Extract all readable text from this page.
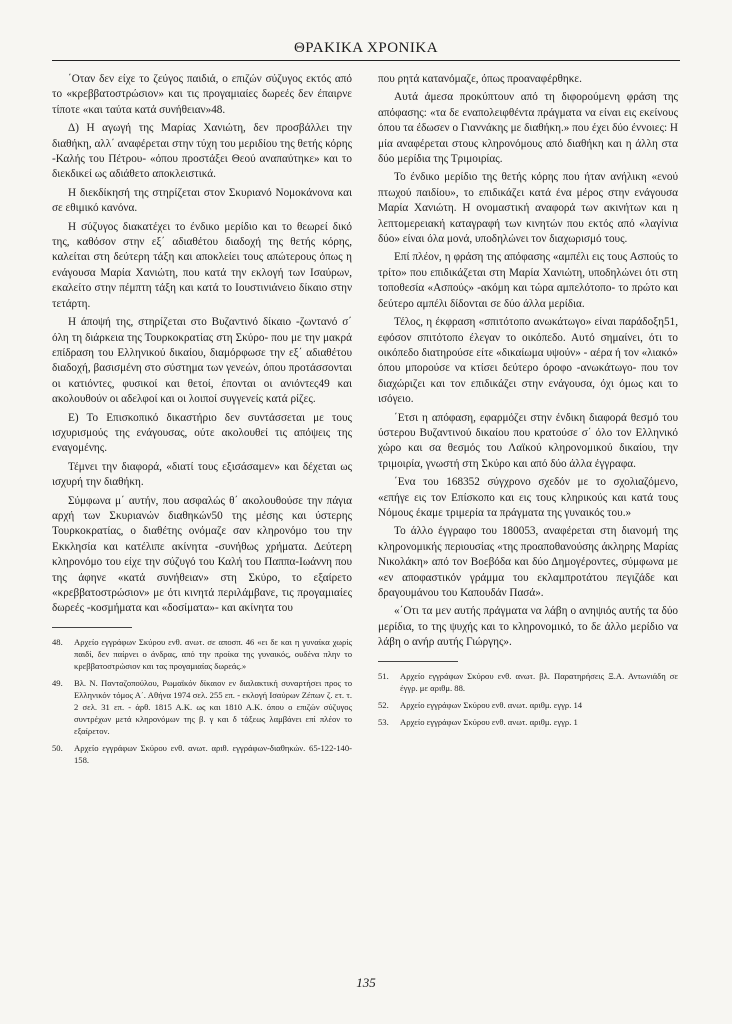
ΘΡΑΚΙΚΑ ΧΡΟΝΙΚΑ

΄Οταν δεν είχε το ζεύγος παιδιά, ο επιζών σύζυγος εκτός από το «κρεββατοστρώσιον» και τις προγαμιαίες δωρεές δεν έπαιρνε τίποτε «και ταύτα κατά συνήθειαν»48.

Δ) Η αγωγή της Μαρίας Χανιώτη, δεν προσβάλλει την διαθήκη, αλλ΄ αναφέρεται στην τύχη του μεριδίου της θετής κόρης -Καλής του Πέτρου- «όπου προστάξει Θεού αναπαύτηκε» και το διεκδικεί ως αδιάθετο αποκλειστικά.

Η διεκδίκησή της στηρίζεται στον Σκυριανό Νομοκάνονα και σε εθιμικό κανόνα.

Η σύζυγος διακατέχει το ένδικο μερίδιο και το θεωρεί δικό της, καθόσον στην εξ΄ αδιαθέτου διαδοχή της θετής κόρης, καλείται στη δεύτερη τάξη και αποκλείει τους απώτερους όπως η ενάγουσα Μαρία Χανιώτη, που κατά την εκλογή των Ισαύρων, εκαλείτο στην πέμπτη τάξη και κατά το Ιουστινιάνειο δίκαιο στην τετάρτη.

Η άποψή της, στηρίζεται στο Βυζαντινό δίκαιο -ζωντανό σ΄ όλη τη διάρκεια της Τουρκοκρατίας στη Σκύρο- που με την μακρά επίδραση του Ελληνικού δικαίου, διαμόρφωσε την εξ΄ αδιαθέτου διαδοχή, βασισμένη στο σύστημα των γενεών, όπου προτάσσονται οι κατιόντες, φυσικοί και θετοί, έπονται οι ανιόντες49 και ακολουθούν οι αδελφοί και οι λοιποί συγγενείς κατά ρίζες.

Ε) Το Επισκοπικό δικαστήριο δεν συντάσσεται με τους ισχυρισμούς της ενάγουσας, ούτε ακολουθεί τις απόψεις της εναγομένης.

Τέμνει την διαφορά, «διατί τους εξισάσαμεν» και δέχεται ως ισχυρή την διαθήκη.

Σύμφωνα μ΄ αυτήν, που ασφαλώς θ΄ ακολουθούσε την πάγια αρχή των Σκυριανών διαθηκών50 της μέσης και ύστερης Τουρκοκρατίας, ο διαθέτης ονόμαζε σαν κληρονόμο του την Εκκλησία και κατέλιπε ακίνητα -συνήθως χρήματα. Δεύτερη κληρονόμο του είχε την σύζυγό του Καλή του Παππα-Ιωάννη που της άφηνε «κατά συνήθειαν» στη Σκύρο, το εξαίρετο «κρεββατοστρώσιον» με ότι κινητά περιλάμβανε, τις προγαμιαίες δωρεές -κοσμήματα και «δοσίματα»- και ακίνητα του

48.	Αρχείο εγγράφων Σκύρου ενθ. ανωτ. σε αποσπ. 46 «ει δε και η γυναίκα χωρίς παιδί, δεν παίρνει ο άνδρας, από την προίκα της γυναικός, ουδένα πλην το κρεββατοστρώσιον και τας προγαμιαίας δωρεάς.»
49.	Βλ. Ν. Πανταζοπούλου, Ρωμαϊκόν δίκαιον εν διαλακτική συναρτήσει προς το Ελληνικόν τόμος Α΄. Αθήνα 1974 σελ. 255 επ. - εκλογή Ισαύρων Ζέπων ζ. ετ. τ. 2 σελ. 31 επ. - άρθ. 1815 Α.Κ. ως και 1810 Α.Κ. όπου ο επιζών σύζυγος συντρέχων μετά κληρονόμων της β. γ και δ τάξεως λαμβάνει επί πλέον το εξαίρετον.
50.	Αρχείο εγγράφων Σκύρου ενθ. ανωτ. αριθ. εγγράφων-διαθηκών. 65-122-140-158.

που ρητά κατανόμαζε, όπως προαναφέρθηκε.

Αυτά άμεσα προκύπτουν από τη διφορούμενη φράση της απόφασης: «τα δε εναπολειφθέντα πράγματα να είναι εις εκείνους όπου τα έδωσεν ο Γιαννάκης με διαθήκη.» που έχει δύο έννοιες: Η μία αναφέρεται στους κληρονόμους από διαθήκη και η άλλη στα δύο μερίδια της Τριμοιρίας.

Το ένδικο μερίδιο της θετής κόρης που ήταν ανήλικη «ενού πτωχού παιδίου», το επιδικάζει κατά ένα μέρος στην ενάγουσα Μαρία Χανιώτη. Η ονομαστική αναφορά των ακινήτων και η λεπτομερειακή καταγραφή των κινητών που εκτός από «λαγίνια δύο» είναι όλα μονά, υποδηλώνει τον διαχωρισμό τους.

Επί πλέον, η φράση της απόφασης «αμπέλι εις τους Ασπούς το τρίτο» που επιδικάζεται στη Μαρία Χανιώτη, υποδηλώνει ότι στη τοποθεσία «Ασπούς» -ακόμη και τώρα αμπελότοπο- το πρώτο και δεύτερο αμπέλι δίδονται σε δύο άλλα μερίδια.

Τέλος, η έκφραση «σπιτότοπο ανωκάτωγο» είναι παράδοξη51, εφόσον σπιτότοπο έλεγαν το οικόπεδο. Αυτό σημαίνει, ότι το οικόπεδο διατηρούσε είτε «δικαίωμα υψούν» - αέρα ή τον «λιακό» όπου μπορούσε να κτίσει δεύτερο όροφο -ανωκάτωγο- που τον διαχώριζει και τον επιδικάζει στην ενάγουσα, όχι όμως και το ισόγειο.

΄Ετσι η απόφαση, εφαρμόζει στην ένδικη διαφορά θεσμό του ύστερου Βυζαντινού δικαίου που κρατούσε σ΄ όλο τον Ελληνικό χώρο και σα θεσμός του Λαϊκού κληρονομικού δικαίου, την τριμοιρία, γνωστή στη Σκύρο και από δύο άλλα έγγραφα.

΄Ενα του 168352 σύγχρονο σχεδόν με το σχολιαζόμενο, «επήγε εις τον Επίσκοπο και εις τους κληρικούς και κατά τους Νόμους έκαμε τριμερία τα πράγματα της γυναικός του.»

Το άλλο έγγραφο του 180053, αναφέρεται στη διανομή της κληρονομικής περιουσίας «της προαποθανούσης άκληρης Μαρίας Νικολάκη» από τον Βοεβόδα και δύο Δημογέροντες, σύμφωνα με «εν αποφαστικόν γράμμα του εκλαμπροτάτου πεγιζάδε και δραγουμάνου του Καπουδάν Πασά».

«΄Οτι τα μεν αυτής πράγματα να λάβη ο ανηψιός αυτής τα δύο μερίδια, το της ψυχής και το κληρονομικό, το δε άλλο μερίδιο να λάβη ο ανήρ αυτής Γιώργης».

51.	Αρχείο εγγράφων Σκύρου ενθ. ανωτ. βλ. Παρατηρήσεις Ξ.Α. Αντωνιάδη σε έγγρ. με αριθμ. 88.
52.	Αρχείο εγγράφων Σκύρου ενθ. ανωτ. αριθμ. εγγρ. 14
53.	Αρχείο εγγράφων Σκύρου ενθ. ανωτ. αριθμ. εγγρ. 1
135
